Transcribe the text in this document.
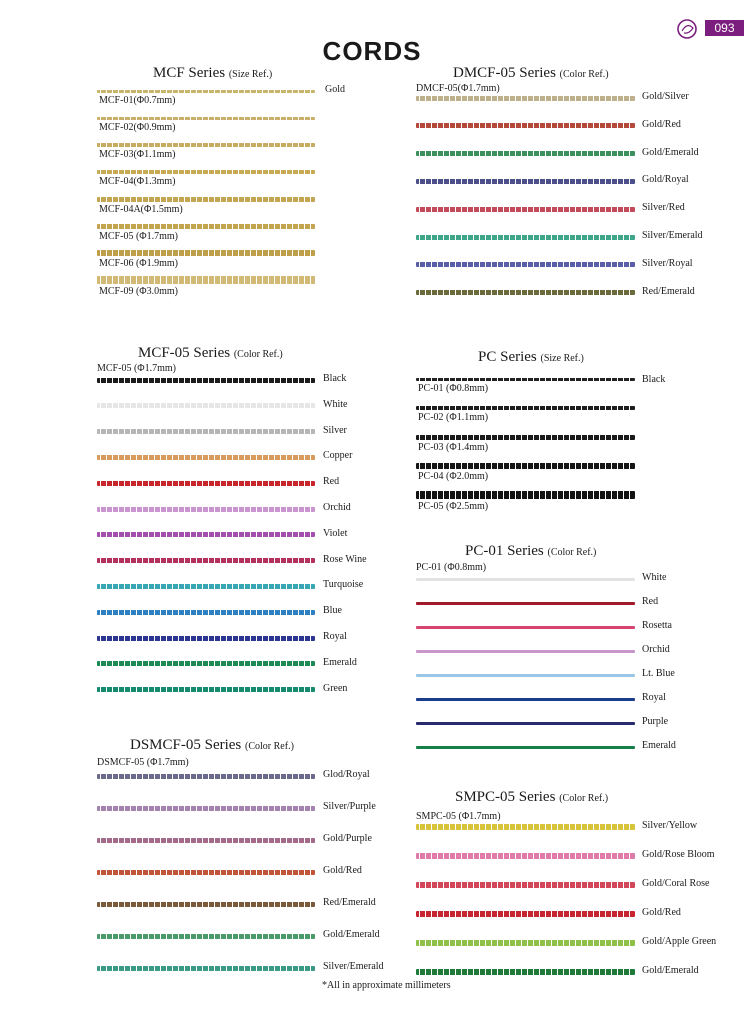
CORDS
093
MCF Series (Size Ref.)
Gold
MCF-01(Φ0.7mm)
MCF-02(Φ0.9mm)
MCF-03(Φ1.1mm)
MCF-04(Φ1.3mm)
MCF-04A(Φ1.5mm)
MCF-05 (Φ1.7mm)
MCF-06 (Φ1.9mm)
MCF-09 (Φ3.0mm)
DMCF-05 Series (Color Ref.)
DMCF-05(Φ1.7mm)
Gold/Silver
Gold/Red
Gold/Emerald
Gold/Royal
Silver/Red
Silver/Emerald
Silver/Royal
Red/Emerald
MCF-05 Series (Color Ref.)
MCF-05 (Φ1.7mm)
Black
White
Silver
Copper
Red
Orchid
Violet
Rose Wine
Turquoise
Blue
Royal
Emerald
Green
PC Series (Size Ref.)
Black
PC-01 (Φ0.8mm)
PC-02 (Φ1.1mm)
PC-03 (Φ1.4mm)
PC-04 (Φ2.0mm)
PC-05 (Φ2.5mm)
PC-01 Series (Color Ref.)
PC-01 (Φ0.8mm)
White
Red
Rosetta
Orchid
Lt. Blue
Royal
Purple
Emerald
DSMCF-05 Series (Color Ref.)
DSMCF-05 (Φ1.7mm)
Glod/Royal
Silver/Purple
Gold/Purple
Gold/Red
Red/Emerald
Gold/Emerald
Silver/Emerald
SMPC-05 Series (Color Ref.)
SMPC-05 (Φ1.7mm)
Silver/Yellow
Gold/Rose Bloom
Gold/Coral Rose
Gold/Red
Gold/Apple Green
Gold/Emerald
*All in approximate millimeters
